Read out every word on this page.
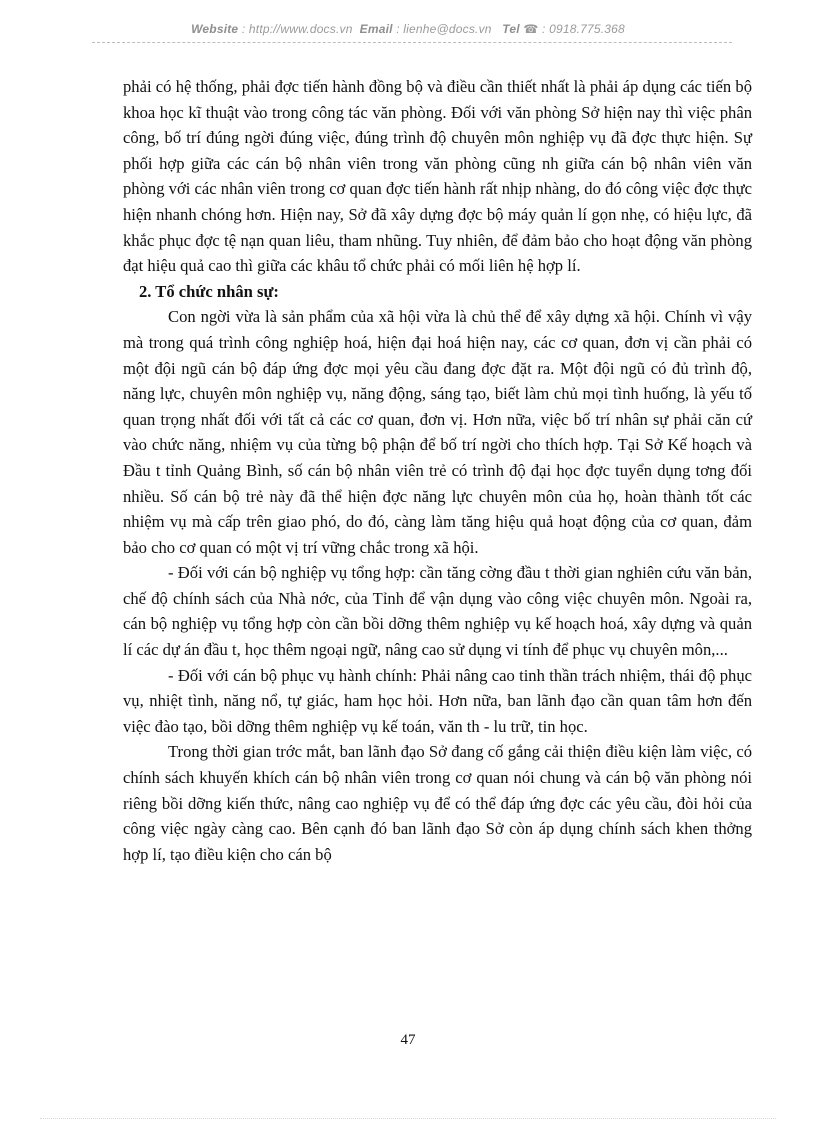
Website : http://www.docs.vn Email : lienhe@docs.vn Tel ☎ : 0918.775.368

phải có hệ thống, phải đợc tiến hành đồng bộ và điều cần thiết nhất là phải áp dụng các tiến bộ khoa học kĩ thuật vào trong công tác văn phòng. Đối với văn phòng Sở hiện nay thì việc phân công, bố trí đúng ngời đúng việc, đúng trình độ chuyên môn nghiệp vụ đã đợc thực hiện. Sự phối hợp giữa các cán bộ nhân viên trong văn phòng cũng nh giữa cán bộ nhân viên văn phòng với các nhân viên trong cơ quan đợc tiến hành rất nhịp nhàng, do đó công việc đợc thực hiện nhanh chóng hơn. Hiện nay, Sở đã xây dựng đợc bộ máy quản lí gọn nhẹ, có hiệu lực, đã khắc phục đợc tệ nạn quan liêu, tham nhũng. Tuy nhiên, để đảm bảo cho hoạt động văn phòng đạt hiệu quả cao thì giữa các khâu tổ chức phải có mối liên hệ hợp lí.

2. Tổ chức nhân sự:

Con ngời vừa là sản phẩm của xã hội vừa là chủ thể để xây dựng xã hội. Chính vì vậy mà trong quá trình công nghiệp hoá, hiện đại hoá hiện nay, các cơ quan, đơn vị cần phải có một đội ngũ cán bộ đáp ứng đợc mọi yêu cầu đang đợc đặt ra. Một đội ngũ có đủ trình độ, năng lực, chuyên môn nghiệp vụ, năng động, sáng tạo, biết làm chủ mọi tình huống, là yếu tố quan trọng nhất đối với tất cả các cơ quan, đơn vị. Hơn nữa, việc bố trí nhân sự phải căn cứ vào chức năng, nhiệm vụ của từng bộ phận để bố trí ngời cho thích hợp. Tại Sở Kế hoạch và Đầu t tỉnh Quảng Bình, số cán bộ nhân viên trẻ có trình độ đại học đợc tuyển dụng tơng đối nhiều. Số cán bộ trẻ này đã thể hiện đợc năng lực chuyên môn của họ, hoàn thành tốt các nhiệm vụ mà cấp trên giao phó, do đó, càng làm tăng hiệu quả hoạt động của cơ quan, đảm bảo cho cơ quan có một vị trí vững chắc trong xã hội.

- Đối với cán bộ nghiệp vụ tổng hợp: cần tăng cờng đầu t thời gian nghiên cứu văn bản, chế độ chính sách của Nhà nớc, của Tỉnh để vận dụng vào công việc chuyên môn. Ngoài ra, cán bộ nghiệp vụ tổng hợp còn cần bồi dỡng thêm nghiệp vụ kế hoạch hoá, xây dựng và quản lí các dự án đầu t, học thêm ngoại ngữ, nâng cao sử dụng vi tính để phục vụ chuyên môn,...

- Đối với cán bộ phục vụ hành chính: Phải nâng cao tinh thần trách nhiệm, thái độ phục vụ, nhiệt tình, năng nổ, tự giác, ham học hỏi. Hơn nữa, ban lãnh đạo cần quan tâm hơn đến việc đào tạo, bồi dỡng thêm nghiệp vụ kế toán, văn th - lu trữ, tin học.

Trong thời gian trớc mắt, ban lãnh đạo Sở đang cố gắng cải thiện điều kiện làm việc, có chính sách khuyến khích cán bộ nhân viên trong cơ quan nói chung và cán bộ văn phòng nói riêng bồi dỡng kiến thức, nâng cao nghiệp vụ để có thể đáp ứng đợc các yêu cầu, đòi hỏi của công việc ngày càng cao. Bên cạnh đó ban lãnh đạo Sở còn áp dụng chính sách khen thởng hợp lí, tạo điều kiện cho cán bộ

47
